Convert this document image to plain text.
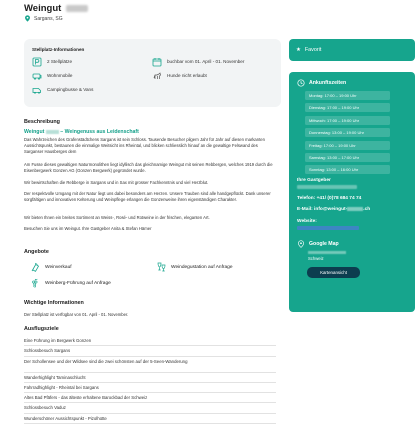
Weingut
Sargans, SG
Stellplatz-Informationen
2 Stellplätze	buchbar vom 01. April - 01. November
Wohnmobile	Hunde nicht erlaubt
Campingbusse & Vans
Beschreibung
Weingut	– Weingenuss aus Leidenschaft
Das Wahrzeichen des Grafenstädtchens Sargans ist sein Schloss. Tausende Besucher pilgern Jahr für Jahr auf diesen markanten Aussichtspunkt, bestaunen die einmalige Weitsicht ins Rheintal, und blicken schliesslich hinauf an die gewaltige Felswand des Sarganser Hausberges dem
Am Fusse dieses gewaltigen Naturmonolithen liegt idyllisch das gleichnamige Weingut mit seinen Rebbergen, welches 1919 durch die Eisenbergwerk Gonzen AG (Gonzen Bergwerk) gegründet wurde.
Wir bewirtschaften die Rebberge in Sargans und in Sax mit grosser Fachkenntnis und viel Herzblut.
Der respektvolle Umgang mit der Natur liegt uns dabei besonders am Herzen. Unsere Trauben sind alle handgepflückt. Dank unserer sorgfältigen und innovativen Kelterung und Weinpflege erlangen die Gonzenweine ihren eigenständigen Charakter.
Wir bieten Ihnen ein breites Sortiment an Weiss-, Rosé- und Rotweine in der frischen, eleganten Art.
Besuchen Sie uns im Weingut. Ihre Gastgeber Anita & Stefan Hämer
Angebote
Weinverkauf	Weindegustation auf Anfrage
Weinberg-Führung auf Anfrage
Wichtige Informationen
Der Stellplatz ist verfügbar von 01. April - 01. November.
Ausflugsziele
Eine Führung im Bergwerk Gonzen
Schlossbesuch Sargans
Der Schollensee und der Wildsee sind die zwei schönsten auf der 5-Seen-Wanderung
Wanderhighlight Taminaschlucht
Fahrradhighlight - Rheintal bei Sargans
Altes Bad Pfäfers - das älteste erhaltene Barockbad der Schweiz
Schlossbesuch Vaduz
Wunderschöner Aussichtspunkt - Pizolhütte
★ Favorit
Ankunftszeiten
Montag: 17:00 – 19:00 Uhr
Dienstag: 17:00 – 19:00 Uhr
Mittwoch: 17:00 – 19:00 Uhr
Donnerstag: 13:00 – 19:00 Uhr
Freitag: 17:00 – 19:00 Uhr
Samstag: 13:00 – 17:00 Uhr
Sonntag: 13:00 – 16:00 Uhr
Ihre Gastgeber
Telefon: +41/ (0)78 684 74 74
E-Mail: info@weingut-	.ch
Website:
Google Map

Schweiz
Kartenansicht
